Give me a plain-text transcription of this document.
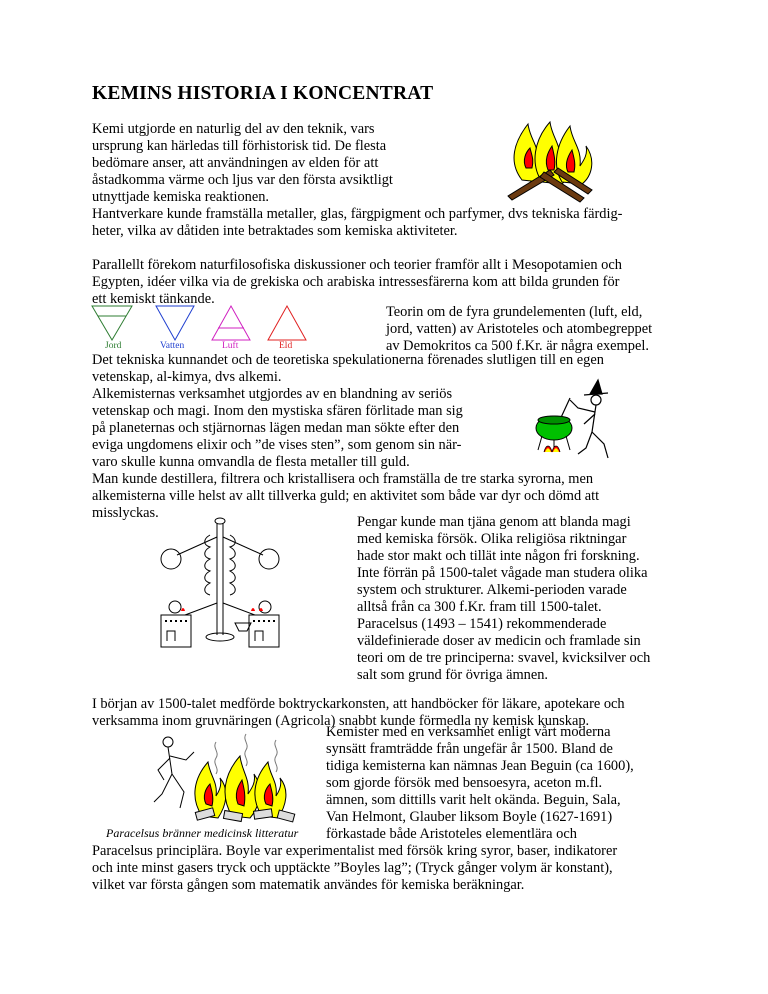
KEMINS HISTORIA I KONCENTRAT
Kemi utgjorde en naturlig del av den teknik, vars
ursprung kan härledas till förhistorisk tid. De flesta
bedömare anser, att användningen av elden för att
åstadkomma värme och ljus var den första avsiktligt
utnyttjade kemiska reaktionen.
Hantverkare kunde framställa metaller, glas, färgpigment och parfymer, dvs tekniska färdig-
heter, vilka av dåtiden inte betraktades som kemiska aktiviteter.
Parallellt förekom naturfilosofiska diskussioner och teorier framför allt i Mesopotamien och
Egypten, idéer vilka via de grekiska och arabiska intressesfärerna kom att bilda grunden för
ett kemiskt tänkande.
Teorin om de fyra grundelementen (luft, eld,
jord, vatten) av Aristoteles och atombegreppet
av Demokritos ca 500 f.Kr. är några exempel.
Jord	Vatten	Luft	Eld
Det tekniska kunnandet och de teoretiska spekulationerna förenades slutligen till en egen
vetenskap, al-kimya, dvs alkemi.
Alkemisternas verksamhet utgjordes av en blandning av seriös
vetenskap och magi. Inom den mystiska sfären förlitade man sig
på planeternas och stjärnornas lägen medan man sökte efter den
eviga ungdomens elixir och ”de vises sten”, som genom sin när-
varo skulle kunna omvandla de flesta metaller till guld.
Man kunde destillera, filtrera och kristallisera och framställa de tre starka syrorna, men
alkemisterna ville helst av allt tillverka guld; en aktivitet som både var dyr och dömd att
misslyckas.
Pengar kunde man tjäna genom att blanda magi
med kemiska försök. Olika religiösa riktningar
hade stor makt och tillät inte någon fri forskning.
Inte förrän på 1500-talet vågade man studera olika
system och strukturer. Alkemi-perioden varade
alltså från ca 300 f.Kr. fram till 1500-talet.
Paracelsus (1493 – 1541) rekommenderade
väldefinierade doser av medicin och framlade sin
teori om de tre principerna: svavel, kvicksilver och
salt som grund för övriga ämnen.
I början av 1500-talet medförde boktryckarkonsten, att handböcker för läkare, apotekare och
verksamma inom gruvnäringen (Agricola) snabbt kunde förmedla ny kemisk kunskap.
Paracelsus bränner medicinsk litteratur
Kemister med en verksamhet enligt vårt moderna
synsätt framträdde från ungefär år 1500. Bland de
tidiga kemisterna kan nämnas Jean Beguin (ca 1600),
som gjorde försök med bensoesyra, aceton m.fl.
ämnen, som dittills varit helt okända. Beguin, Sala,
Van Helmont, Glauber liksom Boyle (1627-1691)
förkastade både Aristoteles elementlära och
Paracelsus principlära. Boyle var experimentalist med försök kring syror, baser, indikatorer
och inte minst gasers tryck och upptäckte ”Boyles lag”; (Tryck gånger volym är konstant),
vilket var första gången som matematik användes för kemiska beräkningar.
